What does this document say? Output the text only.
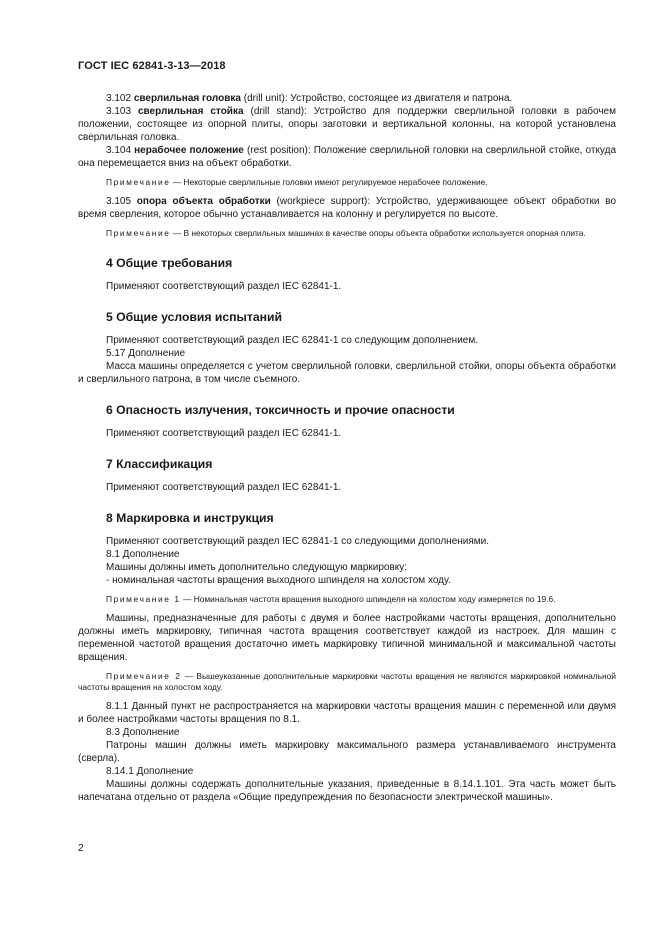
ГОСТ IEC 62841-3-13—2018

3.102 сверлильная головка (drill unit): Устройство, состоящее из двигателя и патрона.

3.103 сверлильная стойка (drill stand): Устройство для поддержки сверлильной головки в рабочем положении, состоящее из опорной плиты, опоры заготовки и вертикальной колонны, на которой установлена сверлильная головка.

3.104 нерабочее положение (rest position): Положение сверлильной головки на сверлильной стойке, откуда она перемещается вниз на объект обработки.

Примечание — Некоторые сверлильные головки имеют регулируемое нерабочее положение.

3.105 опора объекта обработки (workpiece support): Устройство, удерживающее объект обработки во время сверления, которое обычно устанавливается на колонну и регулируется по высоте.

Примечание — В некоторых сверлильных машинах в качестве опоры объекта обработки используется опорная плита.

4 Общие требования

Применяют соответствующий раздел IEC 62841-1.

5 Общие условия испытаний

Применяют соответствующий раздел IEC 62841-1 со следующим дополнением.

5.17 Дополнение

Масса машины определяется с учетом сверлильной головки, сверлильной стойки, опоры объекта обработки и сверлильного патрона, в том числе съемного.

6 Опасность излучения, токсичность и прочие опасности

Применяют соответствующий раздел IEC 62841-1.

7 Классификация

Применяют соответствующий раздел IEC 62841-1.

8 Маркировка и инструкция

Применяют соответствующий раздел IEC 62841-1 со следующими дополнениями.

8.1 Дополнение

Машины должны иметь дополнительно следующую маркировку:

- номинальная частоты вращения выходного шпинделя на холостом ходу.

Примечание 1 — Номинальная частота вращения выходного шпинделя на холостом ходу измеряется по 19.6.

Машины, предназначенные для работы с двумя и более настройками частоты вращения, дополнительно должны иметь маркировку, типичная частота вращения соответствует каждой из настроек. Для машин с переменной частотой вращения достаточно иметь маркировку типичной минимальной и максимальной частоты вращения.

Примечание 2 — Вышеуказанные дополнительные маркировки частоты вращения не являются маркировкой номинальной частоты вращения на холостом ходу.

8.1.1 Данный пункт не распространяется на маркировки частоты вращения машин с переменной или двумя и более настройками частоты вращения по 8.1.

8.3 Дополнение

Патроны машин должны иметь маркировку максимального размера устанавливаемого инструмента (сверла).

8.14.1 Дополнение

Машины должны содержать дополнительные указания, приведенные в 8.14.1.101. Эта часть может быть напечатана отдельно от раздела «Общие предупреждения по безопасности электрической машины».

2
